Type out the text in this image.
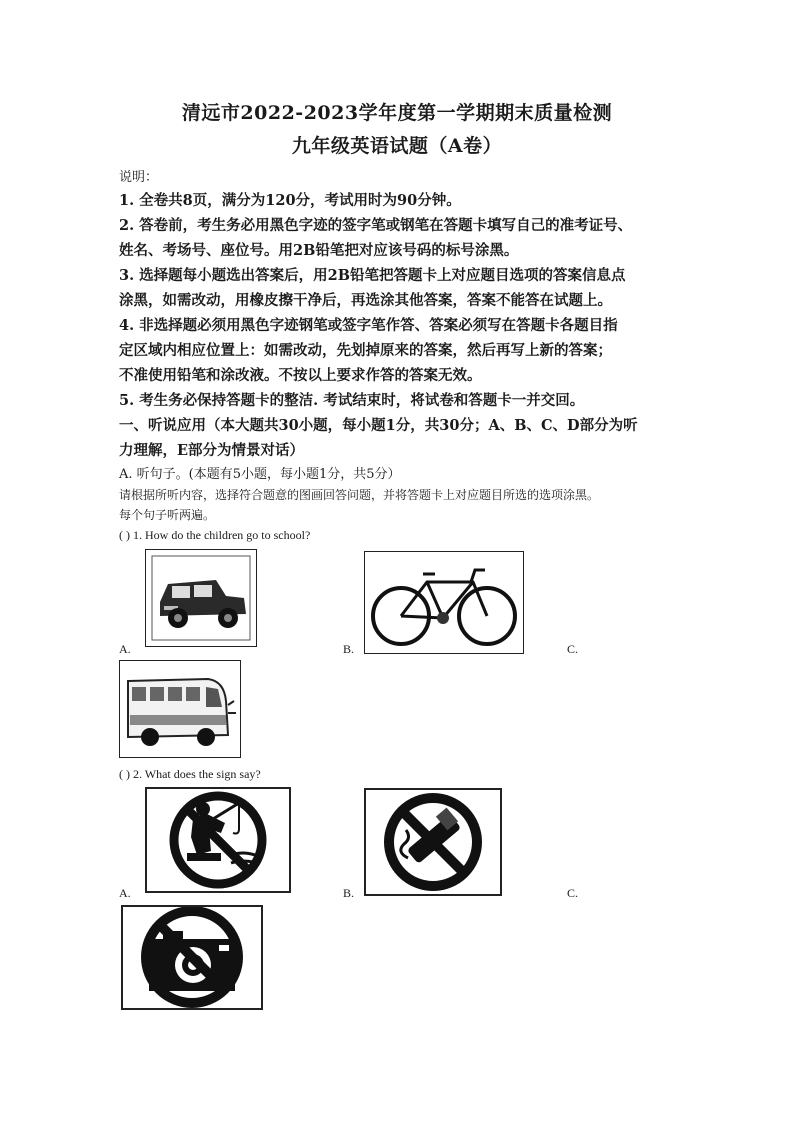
清远市2022-2023学年度第一学期期末质量检测
九年级英语试题（A卷）
说明：
1. 全卷共8页，满分为120分，考试用时为90分钟。
2. 答卷前，考生务必用黑色字迹的签字笔或钢笔在答题卡填写自己的准考证号、
姓名、考场号、座位号。用2B铅笔把对应该号码的标号涂黑。
3. 选择题每小题选出答案后，用2B铅笔把答题卡上对应题目选项的答案信息点
涂黑，如需改动，用橡皮擦干净后，再选涂其他答案，答案不能答在试题上。
4. 非选择题必须用黑色字迹钢笔或签字笔作答、答案必须写在答题卡各题目指
定区域内相应位置上：如需改动，先划掉原来的答案，然后再写上新的答案；
不准使用铅笔和涂改液。不按以上要求作答的答案无效。
5. 考生务必保持答题卡的整洁. 考试结束时，将试卷和答题卡一并交回。
一、听说应用（本大题共30小题，每小题1分，共30分；A、B、C、D部分为听
力理解，E部分为情景对话）
A. 听句子。(本题有5小题，每小题1分，共5分）
请根据所听内容，选择符合题意的图画回答问题，并将答题卡上对应题目所选的选项涂黑。
每个句子听两遍。
( ) 1. How do the children go to school?
A.	B.	C.
( ) 2. What does the sign say?
A.	B.	C.
